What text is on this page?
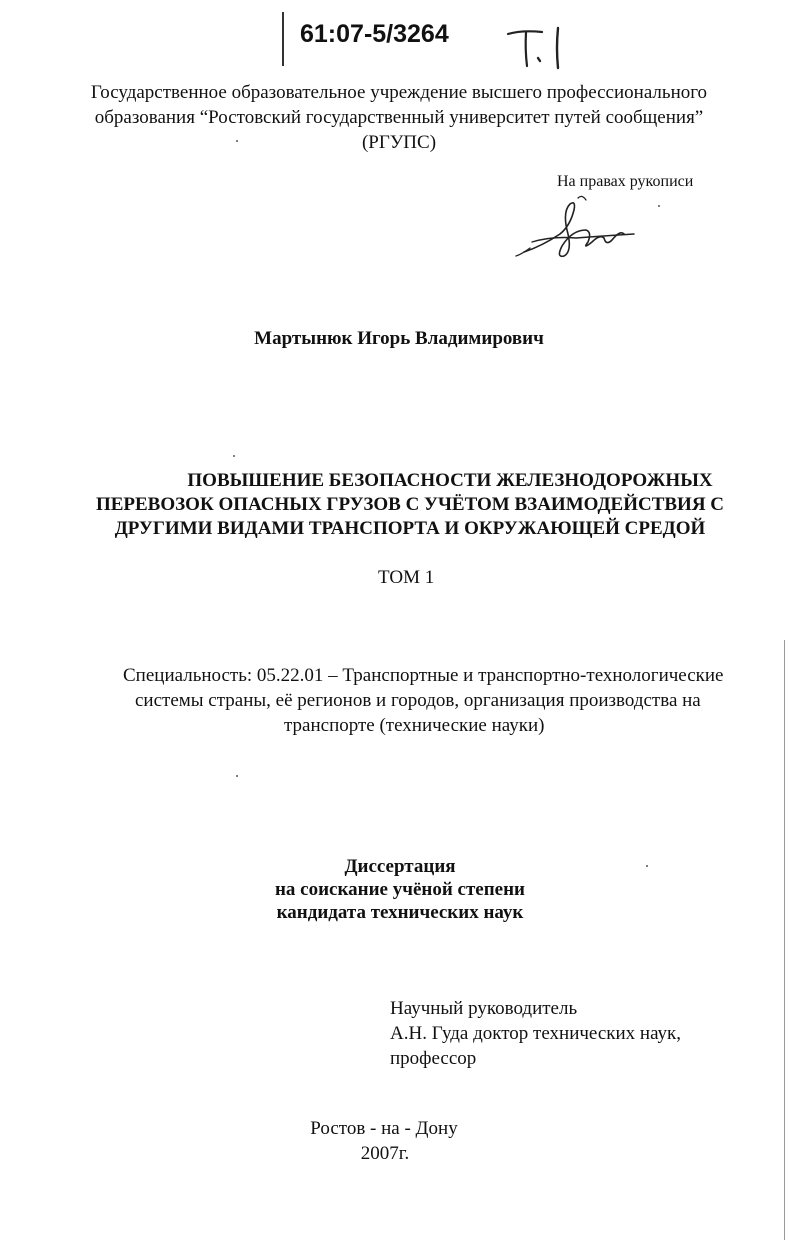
61:07-5/3264
Государственное образовательное учреждение высшего профессионального
образования “Ростовский государственный университет путей сообщения”
(РГУПС)
На правах рукописи
Мартынюк Игорь Владимирович
ПОВЫШЕНИЕ БЕЗОПАСНОСТИ ЖЕЛЕЗНОДОРОЖНЫХ
ПЕРЕВОЗОК ОПАСНЫХ ГРУЗОВ С УЧЁТОМ ВЗАИМОДЕЙСТВИЯ С
ДРУГИМИ ВИДАМИ ТРАНСПОРТА И ОКРУЖАЮЩЕЙ СРЕДОЙ
ТОМ 1
Специальность: 05.22.01 – Транспортные и транспортно-технологические
системы страны, её регионов и городов, организация производства на
транспорте (технические науки)
Диссертация
на соискание учёной степени
кандидата технических наук
Научный руководитель
А.Н. Гуда доктор технических наук,
профессор
Ростов - на - Дону
2007г.
